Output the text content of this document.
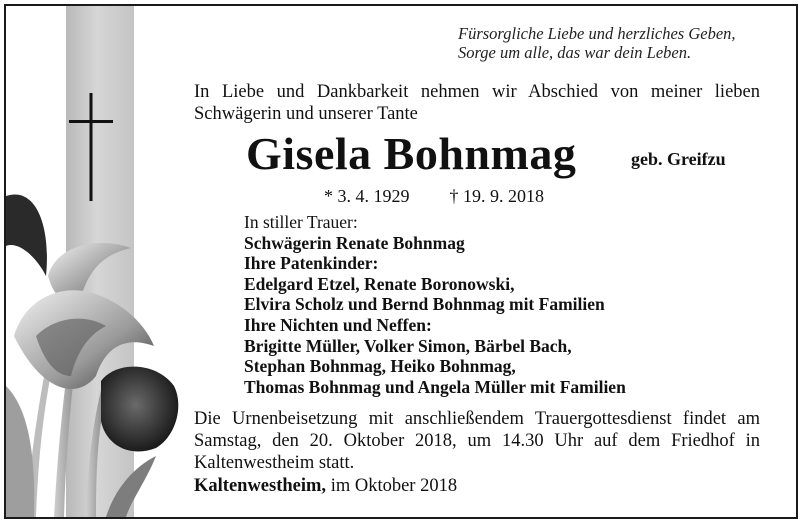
Fürsorgliche Liebe und herzliches Geben,
Sorge um alle, das war dein Leben.
In Liebe und Dankbarkeit nehmen wir Abschied von meiner lieben Schwägerin und unserer Tante
Gisela Bohnmag	geb. Greifzu
* 3. 4. 1929 † 19. 9. 2018
In stiller Trauer:
Schwägerin Renate Bohnmag
Ihre Patenkinder:
Edelgard Etzel, Renate Boronowski,
Elvira Scholz und Bernd Bohnmag mit Familien
Ihre Nichten und Neffen:
Brigitte Müller, Volker Simon, Bärbel Bach,
Stephan Bohnmag, Heiko Bohnmag,
Thomas Bohnmag und Angela Müller mit Familien
Die Urnenbeisetzung mit anschließendem Trauergottesdienst findet am Samstag, den 20. Oktober 2018, um 14.30 Uhr auf dem Friedhof in Kaltenwestheim statt.
Kaltenwestheim, im Oktober 2018
